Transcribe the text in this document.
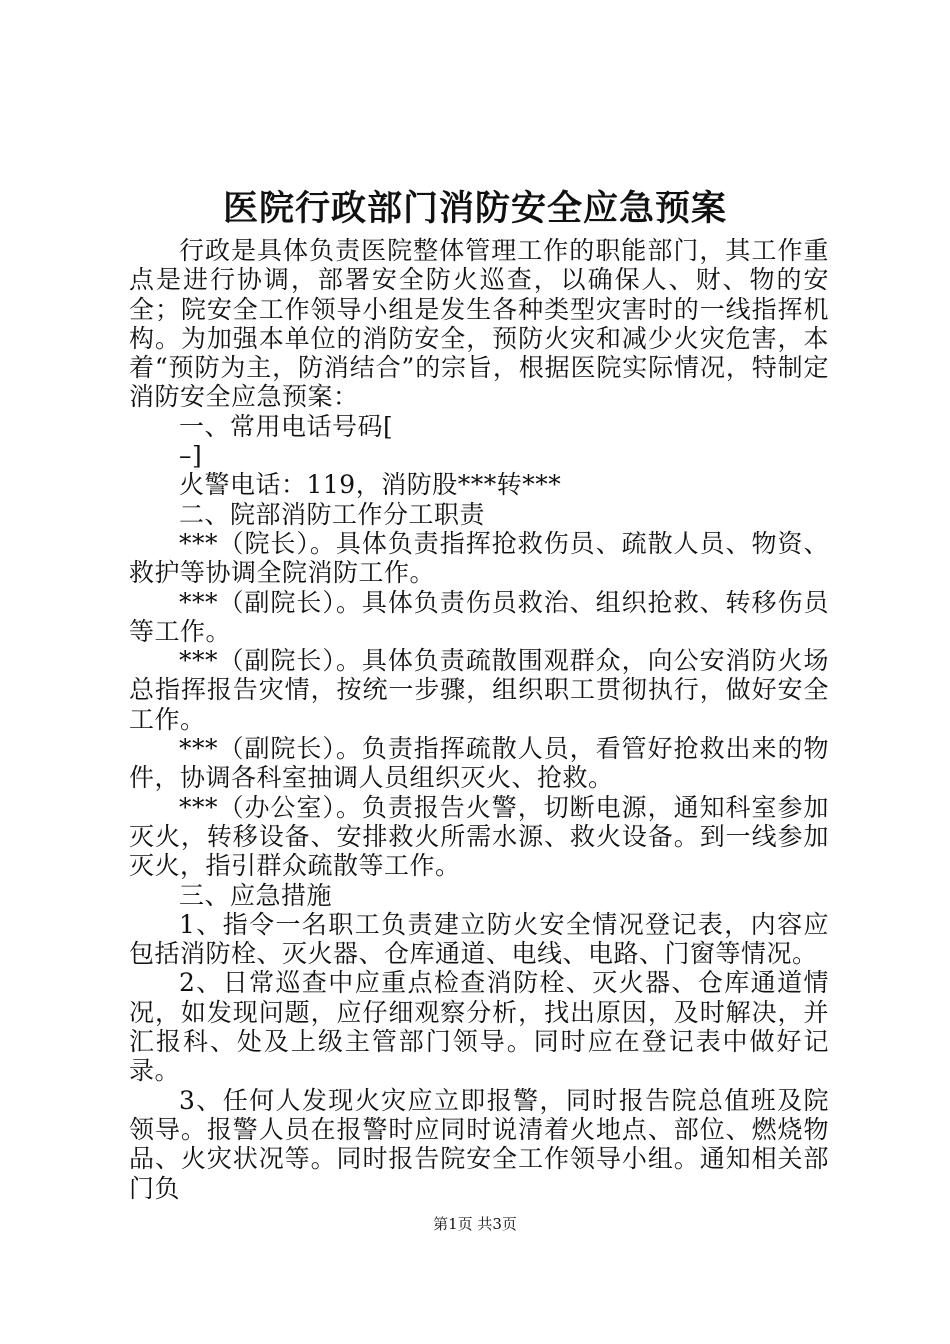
医院行政部门消防安全应急预案

行政是具体负责医院整体管理工作的职能部门，其工作重点是进行协调，部署安全防火巡查，以确保人、财、物的安全；院安全工作领导小组是发生各种类型灾害时的一线指挥机构。为加强本单位的消防安全，预防火灾和减少火灾危害，本着“预防为主，防消结合”的宗旨，根据医院实际情况，特制定消防安全应急预案：

一、常用电话号码[

–]

火警电话：119，消防股***转***

二、院部消防工作分工职责

***（院长）。具体负责指挥抢救伤员、疏散人员、物资、救护等协调全院消防工作。

***（副院长）。具体负责伤员救治、组织抢救、转移伤员等工作。

***（副院长）。具体负责疏散围观群众，向公安消防火场总指挥报告灾情，按统一步骤，组织职工贯彻执行，做好安全工作。

***（副院长）。负责指挥疏散人员，看管好抢救出来的物件，协调各科室抽调人员组织灭火、抢救。

***（办公室）。负责报告火警，切断电源，通知科室参加灭火，转移设备、安排救火所需水源、救火设备。到一线参加灭火，指引群众疏散等工作。

三、应急措施

1、指令一名职工负责建立防火安全情况登记表，内容应包括消防栓、灭火器、仓库通道、电线、电路、门窗等情况。

2、日常巡查中应重点检查消防栓、灭火器、仓库通道情况，如发现问题，应仔细观察分析，找出原因，及时解决，并汇报科、处及上级主管部门领导。同时应在登记表中做好记录。

3、任何人发现火灾应立即报警，同时报告院总值班及院领导。报警人员在报警时应同时说清着火地点、部位、燃烧物品、火灾状况等。同时报告院安全工作领导小组。通知相关部门负

第1页 共3页
